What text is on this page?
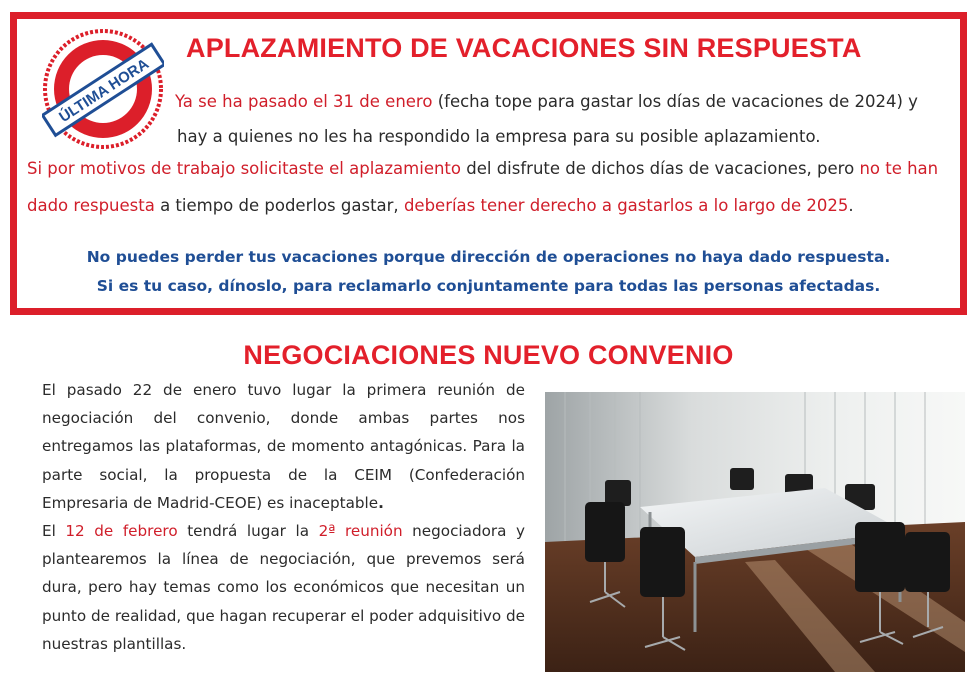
ÚLTIMA HORA
APLAZAMIENTO DE VACACIONES SIN RESPUESTA
Ya se ha pasado el 31 de enero (fecha tope para gastar los días de vacaciones de 2024) y
hay a quienes no les ha respondido la empresa para su posible aplazamiento.
Si por motivos de trabajo solicitaste el aplazamiento del disfrute de dichos días de vacaciones, pero no te han
dado respuesta a tiempo de poderlos gastar, deberías tener derecho a gastarlos a lo largo de 2025.
No puedes perder tus vacaciones porque dirección de operaciones no haya dado respuesta.
Si es tu caso, dínoslo, para reclamarlo conjuntamente para todas las personas afectadas.
NEGOCIACIONES NUEVO CONVENIO

El pasado 22 de enero tuvo lugar la primera reunión de negociación del convenio, donde ambas partes nos entregamos las plataformas, de momento antagónicas. Para la parte social, la propuesta de la CEIM (Confederación Empresaria de Madrid-CEOE) es inaceptable.

El 12 de febrero tendrá lugar la 2ª reunión negociadora y plantearemos la línea de negociación, que prevemos será dura, pero hay temas como los económicos que necesitan un punto de realidad, que hagan recuperar el poder adquisitivo de nuestras plantillas.
